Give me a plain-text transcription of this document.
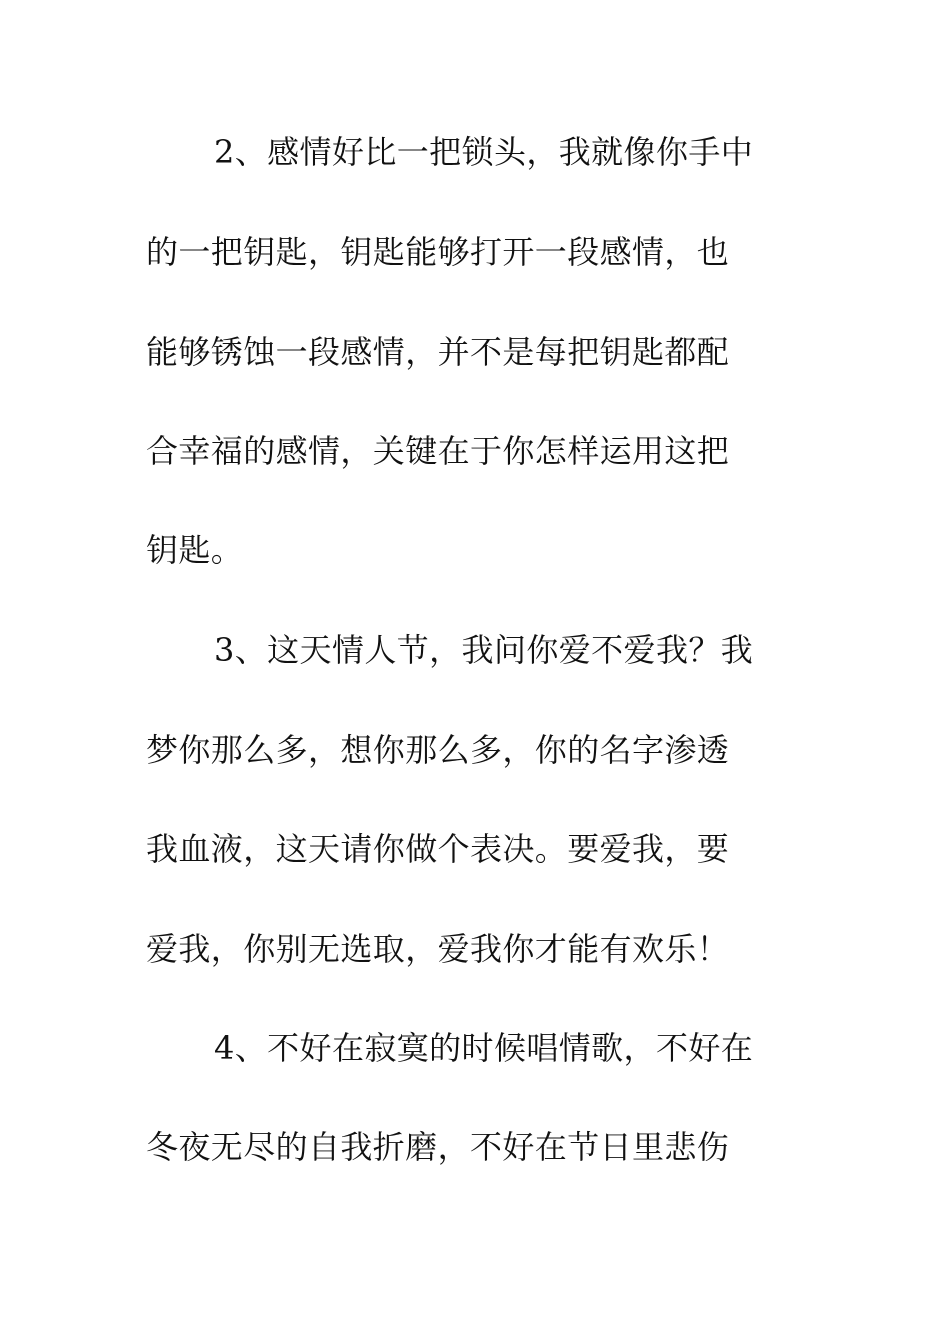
2、感情好比一把锁头，我就像你手中
的一把钥匙，钥匙能够打开一段感情，也
能够锈蚀一段感情，并不是每把钥匙都配
合幸福的感情，关键在于你怎样运用这把
钥匙。
3、这天情人节，我问你爱不爱我？我
梦你那么多，想你那么多，你的名字渗透
我血液，这天请你做个表决。要爱我，要
爱我，你别无选取，爱我你才能有欢乐！
4、不好在寂寞的时候唱情歌，不好在
冬夜无尽的自我折磨，不好在节日里悲伤
